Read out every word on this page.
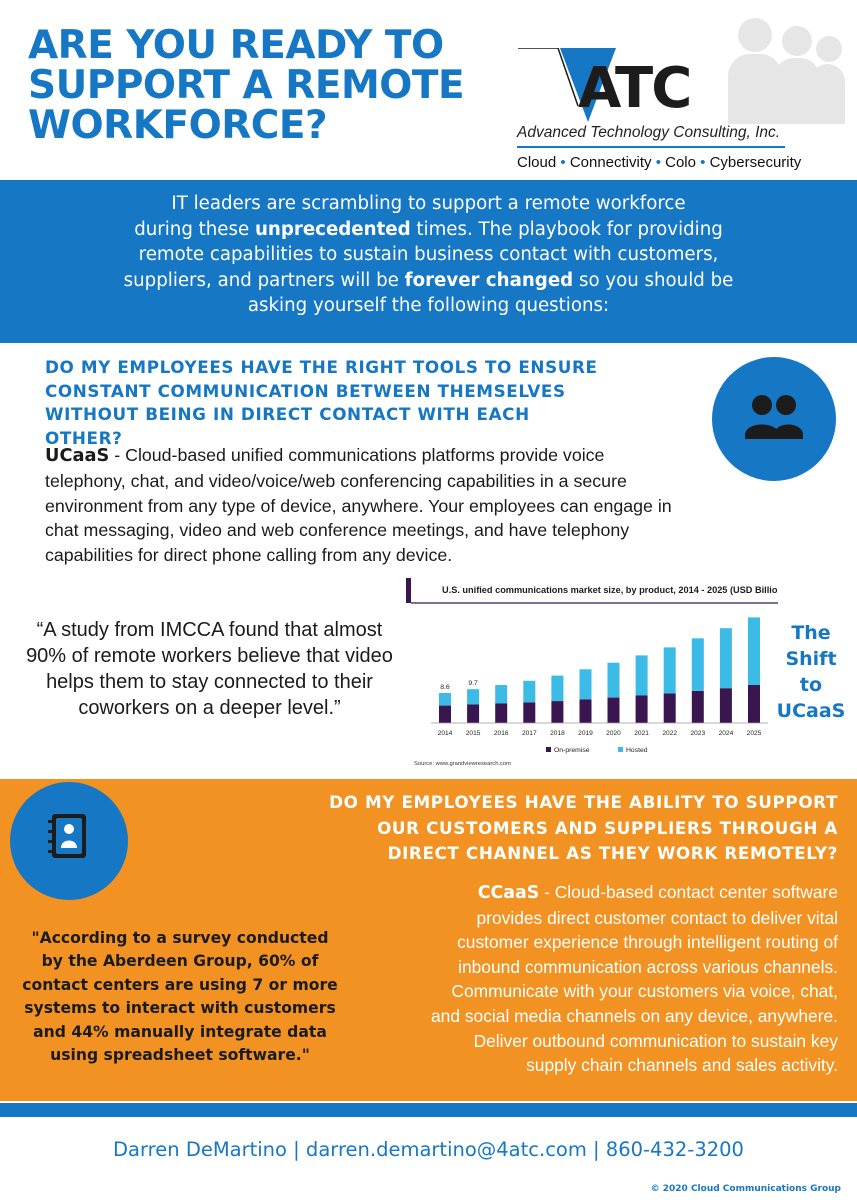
ARE YOU READY TO SUPPORT A REMOTE WORKFORCE?
ATC
Advanced Technology Consulting, Inc.
Cloud • Connectivity • Colo • Cybersecurity
IT leaders are scrambling to support a remote workforce
during these unprecedented times. The playbook for providing
remote capabilities to sustain business contact with customers,
suppliers, and partners will be forever changed so you should be
asking yourself the following questions:
DO MY EMPLOYEES HAVE THE RIGHT TOOLS TO ENSURE CONSTANT COMMUNICATION BETWEEN THEMSELVES WITHOUT BEING IN DIRECT CONTACT WITH EACH OTHER?
UCaaS - Cloud-based unified communications platforms provide voice telephony, chat, and video/voice/web conferencing capabilities in a secure environment from any type of device, anywhere. Your employees can engage in chat messaging, video and web conference meetings, and have telephony capabilities for direct phone calling from any device.
“A study from IMCCA found that almost 90% of remote workers believe that video helps them to stay connected to their coworkers on a deeper level.”
U.S. unified communications market size, by product, 2014 - 2025 (USD Billion)
2014 2015 2016 2017 2018 2019 2020 2021 2022 2023 2024 2025
8.6
9.7
On-premise	Hosted
Source: www.grandviewresearch.com
The Shift to UCaaS
DO MY EMPLOYEES HAVE THE ABILITY TO SUPPORT OUR CUSTOMERS AND SUPPLIERS THROUGH A DIRECT CHANNEL AS THEY WORK REMOTELY?
CCaaS - Cloud-based contact center software provides direct customer contact to deliver vital customer experience through intelligent routing of inbound communication across various channels. Communicate with your customers via voice, chat, and social media channels on any device, anywhere. Deliver outbound communication to sustain key supply chain channels and sales activity.
"According to a survey conducted by the Aberdeen Group, 60% of contact centers are using 7 or more systems to interact with customers and 44% manually integrate data using spreadsheet software."
Darren DeMartino | darren.demartino@4atc.com | 860-432-3200
© 2020 Cloud Communications Group
